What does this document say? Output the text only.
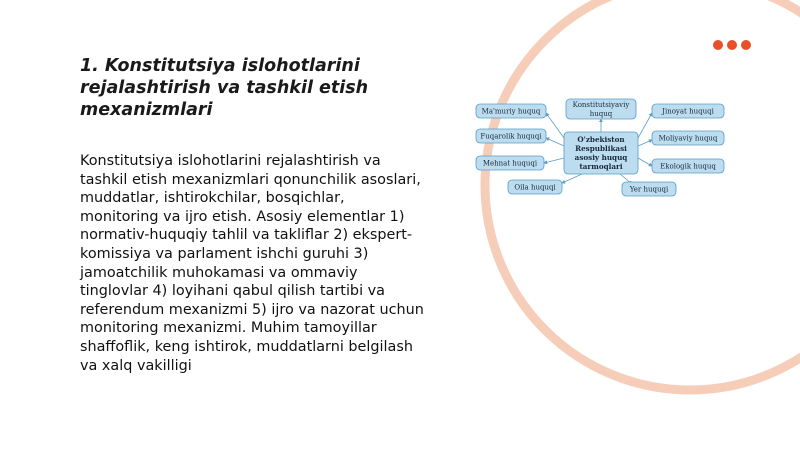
1. Konstitutsiya islohotlarini rejalashtirish va tashkil etish mexanizmlari

Konstitutsiya islohotlarini rejalashtirish va tashkil etish mexanizmlari qonunchilik asoslari, muddatlar, ishtirokchilar, bosqichlar, monitoring va ijro etish. Asosiy elementlar 1) normativ-huquqiy tahlil va takliflar 2) ekspert-komissiya va parlament ishchi guruhi 3) jamoatchilik muhokamasi va ommaviy tinglovlar 4) loyihani qabul qilish tartibi va referendum mexanizmi 5) ijro va nazorat uchun monitoring mexanizmi. Muhim tamoyillar shaffoflik, keng ishtirok, muddatlarni belgilash va xalq vakilligi

O'zbekiston
Respublikasi
asosiy huquq
tarmoqlari
Konstitutsiyaviy
huquq
Ma'muriy huquq
Fuqarolik huquqi
Mehnat huquqi
Jinoyat huquqi
Moliyaviy huquq
Ekologik huquq
Oila huquqi	Yer huquqi
